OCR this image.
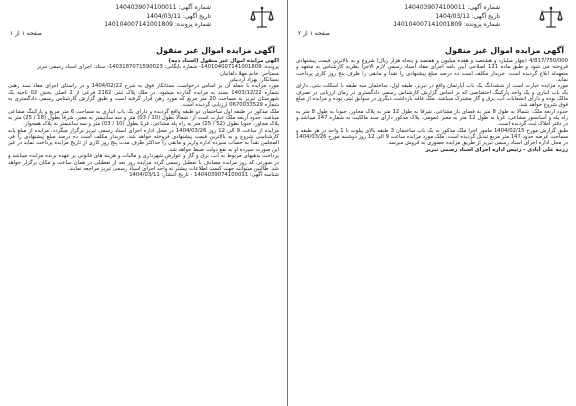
شماره آگهی: 1404039074100011
تاریخ آگهی: 1404/03/11
شماره پرونده: 140104007141001809
صفحه ۱ از ۱
آگهی مزایده اموال غیر منقول

آگهی مزایده اموال غیر منقول (اسناد ذمه)

پرونده: 140104007141001809- شماره بایگانی: 1403187071590023- ستاد: اجرای اسناد رسمی تبریز

مستأجر: خانم مهلا دلفانیان

بستانکار: بهزاد اردبیلی

مورد مزایده با جمله آن بر اساس درخواست بستانکار فوق به شرح 1404/02/22 و در راستای اجرای مفاد سند رهنی شماره 1403/12/22 بسند به مزایده گذارده میشود. در ملک پلاک ثبتی 2162 فرعی از 2 اصلی بخش 02 ناحیه یک شهرستان تبریز به مساحت 20 متر مربع که مورد رهن قرار گرفته است و طبق گزارش کارشناس رسمی دادگستری به شماره 0670033529 ارزیابی گردیده است.

ملک مذکور در طبقه اول ساختمان دو طبقه واقع گردیده و دارای یک باب انباری به مساحت 6 متر مربع و پارکینگ مشاعی میباشد. حدود اربعه ملک عبارت است از: شمالا بطول (10 / 03) متر و سه سانتیمتر به معبر، شرقا بطول (18 / 25) متر به پلاک مجاور، جنوبا بطول (52 / 25) متر به راه پله مشاعی، غربا بطول (10 / 03) متر و سه سانتیمتر به پلاک همجوار.

مزایده از ساعت 9 الی 12 روز 1404/03/26 در محل اداره اجرای اسناد رسمی تبریز برگزار میگردد. مزایده از مبلغ پایه کارشناسی شروع و به بالاترین قیمت پیشنهادی فروخته خواهد شد. خریدار مکلف است ده درصد مبلغ پیشنهادی را فی المجلس نقداً به حساب سپرده اداره واریز و مابقی را حداکثر ظرف مدت پنج روز کاری از تاریخ مزایده پرداخت نماید در غیر این صورت سپرده او به نفع دولت ضبط خواهد شد.

پرداخت بدهیهای مربوط به آب، برق و گاز و عوارض شهرداری و مالیات و هزینه های قانونی بر عهده برنده مزایده میباشد و در صورتی که روز مزایده مصادف با تعطیل رسمی گردد مزایده روز بعد از تعطیلی در همان ساعت و مکان برگزار خواهد شد. طالبین میتوانند جهت کسب اطلاعات بیشتر به واحد اجرای اسناد رسمی تبریز مراجعه نمایند.

شناسه آگهی: 1404039074100011 - تاریخ انتشار: 1404/03/11

شماره آگهی: 1404039074100011
تاریخ آگهی: 1404/03/11
شماره پرونده: 140104007141001809
صفحه ۱ از ۲
آگهی مزایده اموال غیر منقول

4/817/750/000 (چهار میلیارد و هشتصد و هفده میلیون و هفتصد و پنجاه هزار ریال) شروع و به بالاترین قیمت پیشنهادی فروخته می شود و طبق ماده 121 اصلاحی آیین نامه اجرای مفاد اسناد رسمی لازم الاجرا نظریه کارشناس به متعهد و متعهدله ابلاغ گردیده است. خریدار مکلف است ده درصد مبلغ پیشنهادی را نقداً و مابقی را ظرف پنج روز کاری پرداخت نماید.

مورد مزایده عبارت است از ششدانگ یک باب آپارتمان واقع در تبریز، طبقه اول، ساختمان سه طبقه با اسکلت بتنی، دارای یک باب انباری و یک واحد پارکینگ اختصاصی که بر اساس گزارش کارشناس رسمی دادگستری در زمان ارزیابی در تصرف مالک بوده و دارای انشعابات آب، برق و گاز مشترک میباشد. ملک فاقد بازداشت دیگری در سوابق ثبتی بوده و مزایده از مبلغ فوق شروع خواهد شد.

حدود اربعه ملک: شمالا به طول 8 متر به فضای باز مشاعی، شرقا به طول 12 متر به پلاک مجاور، جنوبا به طول 8 متر به راه پله و آسانسور مشاعی، غربا به طول 12 متر به معبر عمومی. پلاک مذکور دارای سند مالکیت به شماره 147 میباشد و در دفتر املاک ثبت گردیده است.

طبق گزارش مورخ 1404/02/15 مامور اجرا ملک مذکور به یک باب ساختمان 3 طبقه بالای پیلوت با 1 واحد در هر طبقه و مساحت عرصه حدود 147 متر مربع تبدیل گردیده است. ملک مورد مزایده ساعت 9 الی 12 روز دوشنبه مورخ 1404/03/26 در محل اداره اجرای اسناد رسمی تبریز از طریق مزایده حضوری به فروش میرسد.

رزمه علی آبادی - رئیس اداره اجرای اسناد رسمی تبریز
